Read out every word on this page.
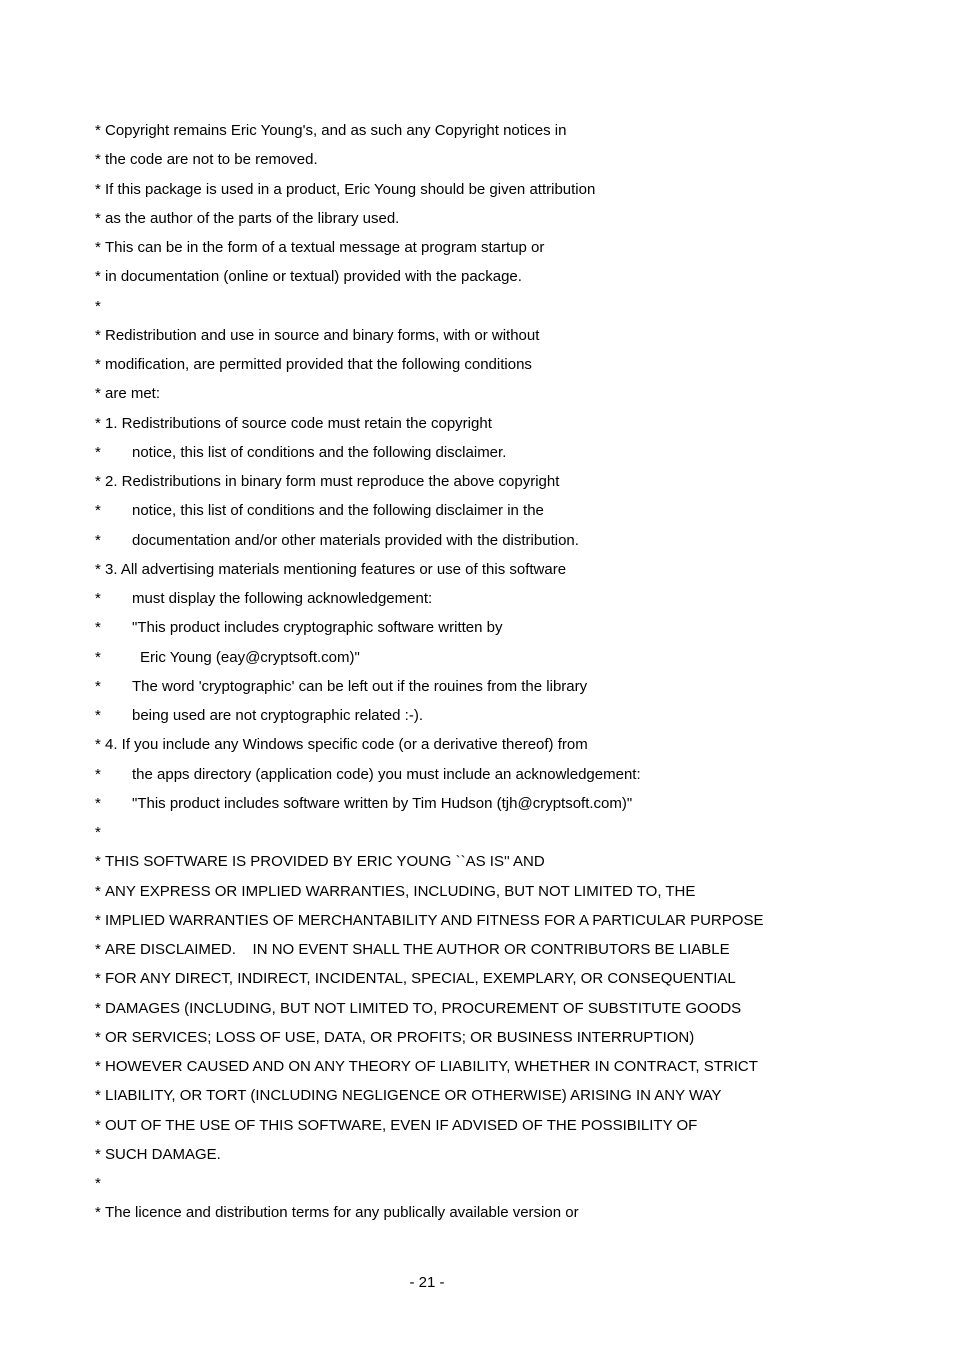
* Copyright remains Eric Young's, and as such any Copyright notices in
* the code are not to be removed.
* If this package is used in a product, Eric Young should be given attribution
* as the author of the parts of the library used.
* This can be in the form of a textual message at program startup or
* in documentation (online or textual) provided with the package.
*
* Redistribution and use in source and binary forms, with or without
* modification, are permitted provided that the following conditions
* are met:
* 1. Redistributions of source code must retain the copyright
* notice, this list of conditions and the following disclaimer.
* 2. Redistributions in binary form must reproduce the above copyright
* notice, this list of conditions and the following disclaimer in the
* documentation and/or other materials provided with the distribution.
* 3. All advertising materials mentioning features or use of this software
* must display the following acknowledgement:
* "This product includes cryptographic software written by
*	Eric Young (eay@cryptsoft.com)"
* The word 'cryptographic' can be left out if the rouines from the library
* being used are not cryptographic related :-).
* 4. If you include any Windows specific code (or a derivative thereof) from
* the apps directory (application code) you must include an acknowledgement:
* "This product includes software written by Tim Hudson (tjh@cryptsoft.com)"
*
* THIS SOFTWARE IS PROVIDED BY ERIC YOUNG ``AS IS'' AND
* ANY EXPRESS OR IMPLIED WARRANTIES, INCLUDING, BUT NOT LIMITED TO, THE
* IMPLIED WARRANTIES OF MERCHANTABILITY AND FITNESS FOR A PARTICULAR PURPOSE
* ARE DISCLAIMED.    IN NO EVENT SHALL THE AUTHOR OR CONTRIBUTORS BE LIABLE
* FOR ANY DIRECT, INDIRECT, INCIDENTAL, SPECIAL, EXEMPLARY, OR CONSEQUENTIAL
* DAMAGES (INCLUDING, BUT NOT LIMITED TO, PROCUREMENT OF SUBSTITUTE GOODS
* OR SERVICES; LOSS OF USE, DATA, OR PROFITS; OR BUSINESS INTERRUPTION)
* HOWEVER CAUSED AND ON ANY THEORY OF LIABILITY, WHETHER IN CONTRACT, STRICT
* LIABILITY, OR TORT (INCLUDING NEGLIGENCE OR OTHERWISE) ARISING IN ANY WAY
* OUT OF THE USE OF THIS SOFTWARE, EVEN IF ADVISED OF THE POSSIBILITY OF
* SUCH DAMAGE.
*
* The licence and distribution terms for any publically available version or
- 21 -
